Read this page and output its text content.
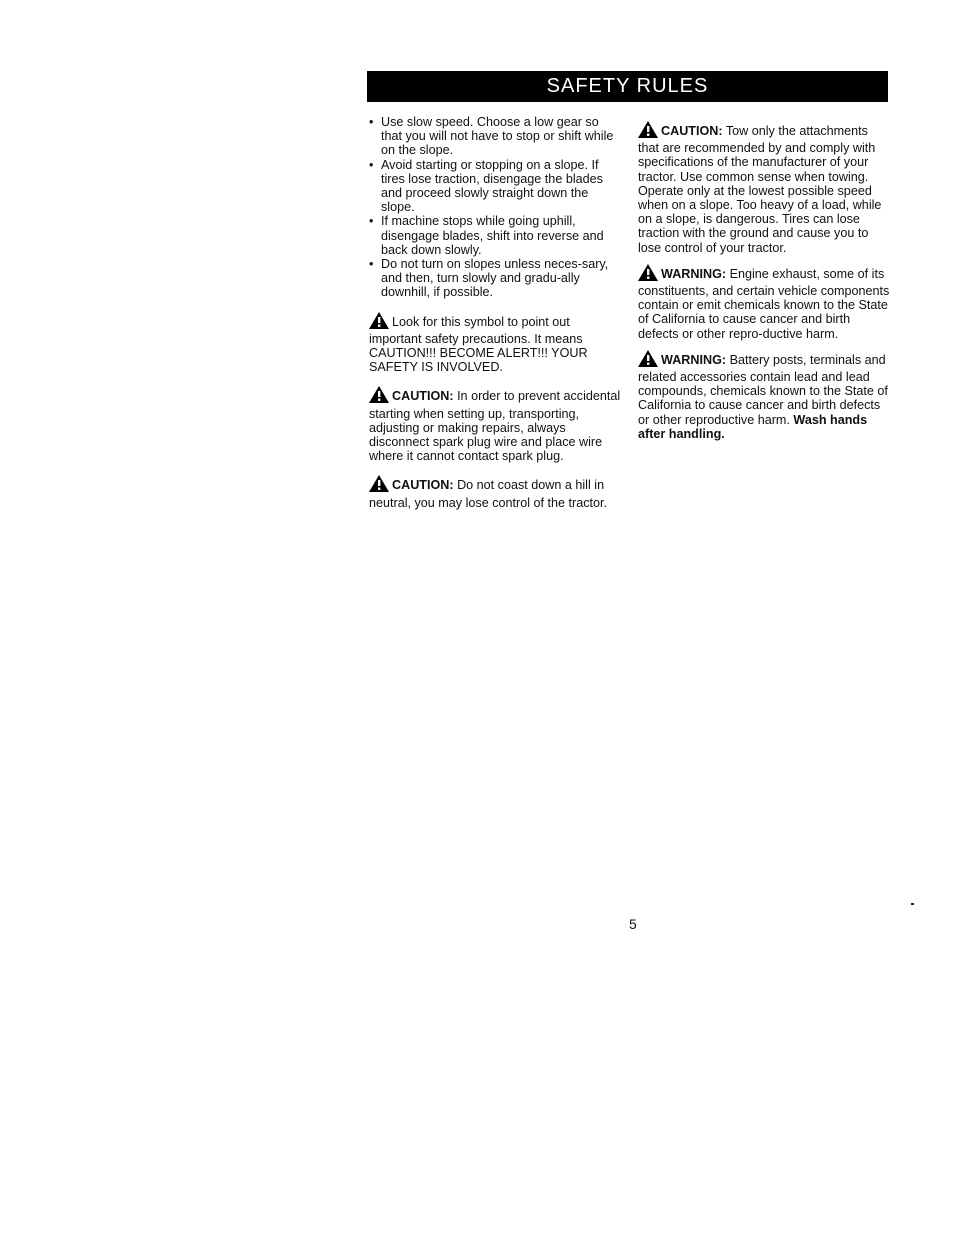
SAFETY RULES
• Use slow speed. Choose a low gear so that you will not have to stop or shift while on the slope.
• Avoid starting or stopping on a slope. If tires lose traction, disengage the blades and proceed slowly straight down the slope.
• If machine stops while going uphill, disengage blades, shift into reverse and back down slowly.
• Do not turn on slopes unless neces-sary, and then, turn slowly and gradu-ally downhill, if possible.

Look for this symbol to point out important safety precautions. It means CAUTION!!! BECOME ALERT!!! YOUR SAFETY IS INVOLVED.

CAUTION: In order to prevent accidental starting when setting up, transporting, adjusting or making repairs, always disconnect spark plug wire and place wire where it cannot contact spark plug.

CAUTION: Do not coast down a hill in neutral, you may lose control of the tractor.

CAUTION: Tow only the attachments that are recommended by and comply with specifications of the manufacturer of your tractor. Use common sense when towing. Operate only at the lowest possible speed when on a slope. Too heavy of a load, while on a slope, is dangerous. Tires can lose traction with the ground and cause you to lose control of your tractor.

WARNING: Engine exhaust, some of its constituents, and certain vehicle components contain or emit chemicals known to the State of California to cause cancer and birth defects or other repro-ductive harm.

WARNING: Battery posts, terminals and related accessories contain lead and lead compounds, chemicals known to the State of California to cause cancer and birth defects or other reproductive harm. Wash hands after handling.

5
